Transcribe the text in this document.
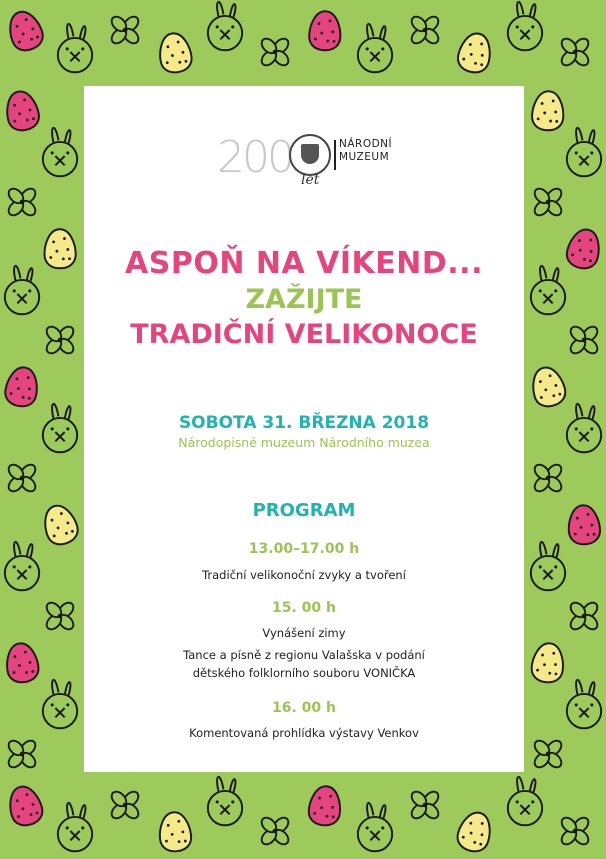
200	NÁRODNÍ
MUZEUM
let
ASPOŇ NA VÍKEND...
ZAŽIJTE
TRADIČNÍ VELIKONOCE
SOBOTA 31. BŘEZNA 2018
Národopisné muzeum Národního muzea
PROGRAM
13.00–17.00 h
Tradiční velikonoční zvyky a tvoření
15. 00 h
Vynášení zimy
Tance a písně z regionu Valašska v podání
dětského folklorního souboru VONIČKA
16. 00 h
Komentovaná prohlídka výstavy Venkov
